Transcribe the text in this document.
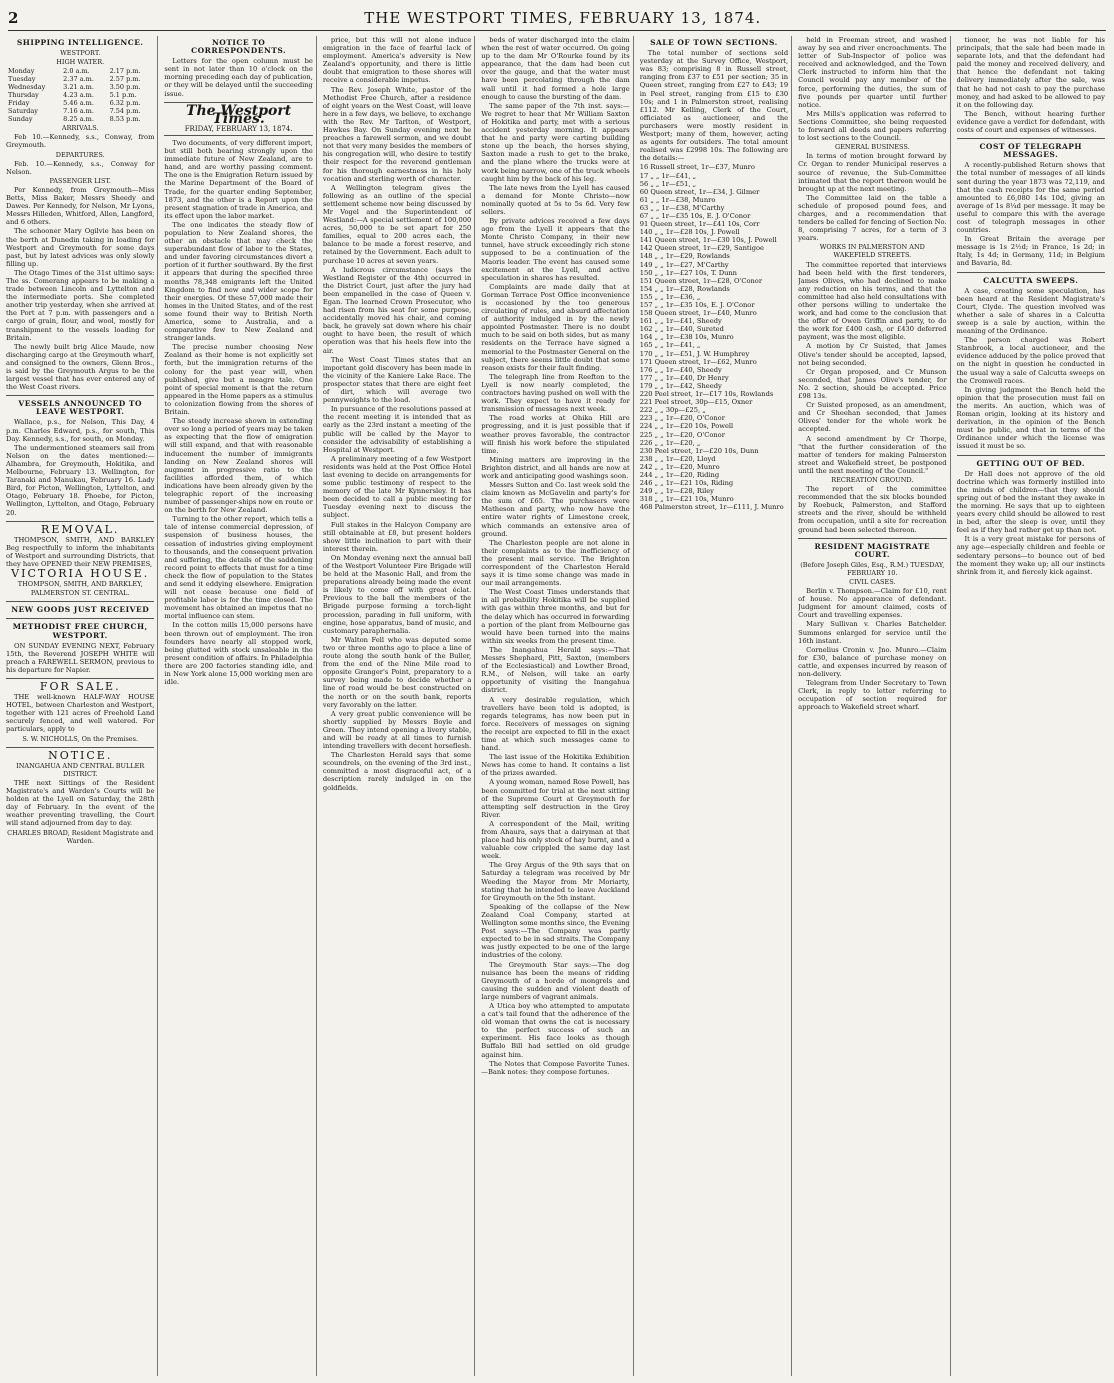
2	THE WESTPORT TIMES, FEBRUARY 13, 1874.
SHIPPING INTELLIGENCE.
WESTPORT.
HIGH WATER.
Monday	2.0 a.m.	2.17 p.m.
Tuesday	2.37 a.m.	2.57 p.m.
Wednesday	3.21 a.m.	3.50 p.m.
Thursday	4.23 a.m.	5.1 p.m.
Friday	5.46 a.m.	6.32 p.m.
Saturday	7.16 a.m.	7.54 p.m.
Sunday	8.25 a.m.	8.53 p.m.
ARRIVALS.

Feb 10.—Kennedy, s.s., Conway, from Greymouth.

DEPARTURES.

Feb. 10.—Kennedy, s.s., Conway for Nelson.

PASSENGER LIST.

Per Kennedy, from Greymouth—Miss Betts, Miss Baker, Messrs Sheedy and Dawes. Per Kennedy, for Nelson, Mr Lyons, Messrs Hilleden, Whitford, Allen, Langford, and 6 others.

The schooner Mary Ogilvie has been on the berth at Dunedin taking in loading for Westport and Greymouth for some days past, but by latest advices was only slowly filling up.

The Otago Times of the 31st ultimo says: The ss. Comerang appears to be making a trade between Lincoln and Lyttelton and the intermediate ports. She completed another trip yesterday, when she arrived at the Port at 7 p.m. with passengers and a cargo of grain, flour, and wool, mostly for transhipment to the vessels loading for Britain.

The newly built brig Alice Maude, now discharging cargo at the Greymouth wharf, and consigned to the owners, Glenn Bros., is said by the Greymouth Argus to be the largest vessel that has ever entered any of the West Coast rivers.

VESSELS ANNOUNCED TO LEAVE WESTPORT.

Wallace, p.s., for Nelson, This Day, 4 p.m. Charles Edward, p.s., for south, This Day. Kennedy, s.s., for south, on Monday.

The undermentioned steamers sail from Nelson on the dates mentioned:— Alhambra, for Greymouth, Hokitika, and Melbourne, February 13. Wellington, for Taranaki and Manukau, February 16. Lady Bird, for Picton, Wellington, Lyttelton, and Otago, February 18. Phoebe, for Picton, Wellington, Lyttelton, and Otago, February 20.

REMOVAL.

THOMPSON, SMITH, AND BARKLEY Beg respectfully to inform the inhabitants of Westport and surrounding Districts, that they have OPENED their NEW PREMISES,

VICTORIA HOUSE.
THOMPSON, SMITH, AND BARKLEY,
PALMERSTON ST. CENTRAL.
NEW GOODS JUST RECEIVED
METHODIST FREE CHURCH, WESTPORT.

ON SUNDAY EVENING NEXT, February 15th, the Reverend JOSEPH WHITE will preach a FAREWELL SERMON, previous to his departure for Napier.

FOR SALE.

THE well-known HALF-WAY HOUSE HOTEL, between Charleston and Westport, together with 121 acres of Freehold Land securely fenced, and well watered. For particulars, apply to

S. W. NICHOLLS, On the Premises.
NOTICE.
INANGAHUA AND CENTRAL BULLER DISTRICT.

THE next Sittings of the Resident Magistrate's and Warden's Courts will be holden at the Lyell on Saturday, the 28th day of February. In the event of the weather preventing travelling, the Court will stand adjourned from day to day.

CHARLES BROAD, Resident Magistrate and Warden.
NOTICE TO CORRESPONDENTS.

Letters for the open column must be sent in not later than 10 o'clock on the morning preceding each day of publication, or they will be delayed until the succeeding issue.

The Westport Times.
FRIDAY, FEBRUARY 13, 1874.

Two documents, of very different import, but still both bearing strongly upon the immediate future of New Zealand, are to hand, and are worthy passing comment. The one is the Emigration Return issued by the Marine Department of the Board of Trade, for the quarter ending September, 1873, and the other is a Report upon the present stagnation of trade in America, and its effect upon the labor market.

The one indicates the steady flow of population to New Zealand shores, the other an obstacle that may check the superabundant flow of labor to the States, and under favoring circumstances divert a portion of it further southward. By the first it appears that during the specified three months 78,348 emigrants left the United Kingdom to find new and wider scope for their energies. Of these 57,000 made their homes in the United States, and of the rest some found their way to British North America, some to Australia, and a comparative few to New Zealand and stranger lands.

The precise number choosing New Zealand as their home is not explicitly set forth, but the immigration returns of the colony for the past year will, when published, give but a meagre tale. One point of special moment is that the return appeared in the Home papers as a stimulus to colonization flowing from the shores of Britain.

The steady increase shown in extending over so long a period of years may be taken as expecting that the flow of emigration will still expand, and that with reasonable inducement the number of immigrants landing on New Zealand shores will augment in progressive ratio to the facilities afforded them, of which indications have been already given by the telegraphic report of the increasing number of passenger-ships now en route or on the berth for New Zealand.

Turning to the other report, which tells a tale of intense commercial depression, of suspension of business houses, the cessation of industries giving employment to thousands, and the consequent privation and suffering, the details of the saddening record point to effects that must for a time check the flow of population to the States and send it eddying elsewhere. Emigration will not cease because one field of profitable labor is for the time closed. The movement has obtained an impetus that no mortal influence can stem.

In the cotton mills 15,000 persons have been thrown out of employment. The iron founders have nearly all stopped work, being glutted with stock unsaleable in the present condition of affairs. In Philadelphia there are 200 factories standing idle, and in New York alone 15,000 working men are idle.

price, but this will not alone induce emigration in the face of fearful lack of employment. America's adversity is New Zealand's opportunity, and there is little doubt that emigration to these shores will receive a considerable impetus.

The Rev. Joseph White, pastor of the Methodist Free Church, after a residence of eight years on the West Coast, will leave here in a few days, we believe, to exchange with the Rev. Mr Tarlton, of Westport, Hawkes Bay. On Sunday evening next he preaches a farewell sermon, and we doubt not that very many besides the members of his congregation will, who desire to testify their respect for the reverend gentleman for his thorough earnestness in his holy vocation and sterling worth of character.

A Wellington telegram gives the following as an outline of the special settlement scheme now being discussed by Mr Vogel and the Superintendent of Westland:—A special settlement of 100,000 acres, 50,000 to be set apart for 250 families, equal to 200 acres each, the balance to be made a forest reserve, and retained by the Government. Each adult to purchase 10 acres at seven years.

A ludicrous circumstance (says the Westland Register of the 4th) occurred in the District Court, just after the jury had been empanelled in the case of Queen v. Egan. The learned Crown Prosecutor, who had risen from his seat for some purpose, accidentally moved his chair, and coming back, he gravely sat down where his chair ought to have been, the result of which operation was that his heels flew into the air.

The West Coast Times states that an important gold discovery has been made in the vicinity of the Kaniere Lake Race. The prospector states that there are eight feet of dirt, which will average two pennyweights to the load.

In pursuance of the resolutions passed at the recent meeting it is intended that as early as the 23rd instant a meeting of the public will be called by the Mayor to consider the advisability of establishing a Hospital at Westport.

A preliminary meeting of a few Westport residents was held at the Post Office Hotel last evening to decide on arrangements for some public testimony of respect to the memory of the late Mr Kynnersley. It has been decided to call a public meeting for Tuesday evening next to discuss the subject.

Full stakes in the Halcyon Company are still obtainable at £8, but present holders show little inclination to part with their interest therein.

On Monday evening next the annual ball of the Westport Volunteer Fire Brigade will be held at the Masonic Hall, and from the preparations already being made the event is likely to come off with great éclat. Previous to the ball the members of the Brigade purpose forming a torch-light procession, parading in full uniform, with engine, hose apparatus, band of music, and customary paraphernalia.

Mr Walton Fell who was deputed some two or three months ago to place a line of route along the south bank of the Buller, from the end of the Nine Mile road to opposite Granger's Point, preparatory to a survey being made to decide whether a line of road would be best constructed on the north or on the south bank, reports very favorably on the latter.

A very great public convenience will be shortly supplied by Messrs Boyle and Green. They intend opening a livery stable, and will be ready at all times to furnish intending travellers with decent horseflesh.

The Charleston Herald says that some scoundrels, on the evening of the 3rd inst., committed a most disgraceful act, of a description rarely indulged in on the goldfields.

beds of water discharged into the claim when the rest of water occurred. On going up to the dam Mr O'Rourke found by its appearance, that the dam had been cut over the gauge, and that the water must have been percolating through the dam wall until it had formed a hole large enough to cause the bursting of the dam.

The same paper of the 7th inst. says:—We regret to hear that Mr William Saxton of Hokitika and party, met with a serious accident yesterday morning. It appears that he and party were carting building stone up the beach, the horses shying, Saxton made a rush to get to the brake, and the plane where the trucks were at work being narrow, one of the truck wheels caught him by the back of his leg.

The late news from the Lyell has caused a demand for Monte Christo—now nominally quoted at 5s to 5s 6d. Very few sellers.

By private advices received a few days ago from the Lyell it appears that the Monte Christo Company, in their new tunnel, have struck exceedingly rich stone supposed to be a continuation of the Maoris leader. The event has caused some excitement at the Lyell, and active speculation in shares has resulted.

Complaints are made daily that at Gorman Terrace Post Office inconvenience is occasioned by the too generous circulating of rules, and absurd affectation of authority indulged in by the newly appointed Postmaster. There is no doubt much to be said on both sides, but as many residents on the Terrace have signed a memorial to the Postmaster General on the subject, there seems little doubt that some reason exists for their fault finding.

The telegraph line from Reefton to the Lyell is now nearly completed, the contractors having pushed on well with the work. They expect to have it ready for transmission of messages next week.

The road works at Ohika Hill are progressing, and it is just possible that if weather proves favorable, the contractor will finish his work before the stipulated time.

Mining matters are improving in the Brighton district, and all hands are now at work and anticipating good washings soon.

Messrs Sutton and Co. last week sold the claim known as McGavelin and party's for the sum of £65. The purchasers were Matheson and party, who now have the entire water rights of Limestone creek, which commands an extensive area of ground.

The Charleston people are not alone in their complaints as to the inefficiency of the present mail service. The Brighton correspondent of the Charleston Herald says it is time some change was made in our mail arrangements.

The West Coast Times understands that in all probability Hokitika will be supplied with gas within three months, and but for the delay which has occurred in forwarding a portion of the plant from Melbourne gas would have been turned into the mains within six weeks from the present time.

The Inangahua Herald says:—That Messrs Shephard, Pitt, Saxton, (members of the Ecclesiastical) and Lowther Broad, R.M., of Nelson, will take an early opportunity of visiting the Inangahua district.

A very desirable regulation, which travellers have been told is adopted, is regards telegrams, has now been put in force. Receivers of messages on signing the receipt are expected to fill in the exact time at which such messages came to hand.

The last issue of the Hokitika Exhibition News has come to hand. It contains a list of the prizes awarded.

A young woman, named Rose Powell, has been committed for trial at the next sitting of the Supreme Court at Greymouth for attempting self destruction in the Grey River.

A correspondent of the Mail, writing from Ahaura, says that a dairyman at that place had his only stock of hay burnt, and a valuable cow crippled the same day last week.

The Grey Argus of the 9th says that on Saturday a telegram was received by Mr Weeding the Mayor from Mr Moriarty, stating that he intended to leave Auckland for Greymouth on the 5th instant.

Speaking of the collapse of the New Zealand Coal Company, started at Wellington some months since, the Evening Post says:—The Company was partly expected to be in sad straits. The Company was justly expected to be one of the large industries of the colony.

The Greymouth Star says:—The dog nuisance has been the means of ridding Greymouth of a horde of mongrels and causing the sudden and violent death of large numbers of vagrant animals.

A Utica boy who attempted to amputate a cat's tail found that the adherence of the old woman that owns the cat is necessary to the perfect success of such an experiment. His face looks as though Buffalo Bill had settled on old grudge against him.

The Notes that Compose Favorite Tunes.—Bank notes: they compose fortunes.

SALE OF TOWN SECTIONS.

The total number of sections sold yesterday at the Survey Office, Westport, was 83; comprising 8 in Russell street, ranging from £37 to £51 per section; 35 in Queen street, ranging from £27 to £43; 19 in Peel street, ranging from £15 to £30 10s; and 1 in Palmerston street, realising £112. Mr Kelling, Clerk of the Court, officiated as auctioneer, and the purchasers were mostly resident in Westport; many of them, however, acting as agents for outsiders. The total amount realised was £2998 10s. The following are the details:—

16 Russell street, 1r—£37, Munro
17 „ „ 1r—£41, „
56 „ „ 1r—£51, „
60 Queen street, 1r—£34, J. Gilmer
61 „ „ 1r—£38, Munro
63 „ „ 1r—£38, M'Carthy
67 „ „ 1r—£35 10s, E. J. O'Conor
91 Queen street, 1r—£41 10s, Corr
140 „ „ 1r—£28 10s, J. Powell
141 Queen street, 1r—£30 10s, J. Powell
142 Queen street, 1r—£29, Santigoe
148 „ „ 1r—£29, Rowlands
149 „ „ 1r—£27, M'Carthy
150 „ „ 1r—£27 10s, T. Dunn
151 Queen street, 1r—£28, O'Conor
154 „ „ 1r—£28, Rowlands
155 „ „ 1r—£36, „
157 „ „ 1r—£35 10s, E. J. O'Conor
158 Queen street, 1r—£40, Munro
161 „ „ 1r—£41, Sheedy
162 „ „ 1r—£40, Sureted
164 „ „ 1r—£38 10s, Munro
165 „ „ 1r—£41, „
170 „ „ 1r—£51, J. W. Humphrey
171 Queen street, 1r—£62, Munro
176 „ „ 1r—£40, Sheedy
177 „ „ 1r—£40, Dr Henry
179 „ „ 1r—£42, Sheedy
220 Peel street, 1r—£17 10s, Rowlands
221 Peel street, 30p—£15, Oxner
222 „ „ 30p—£25, „
223 „ „ 1r—£20, O'Conor
224 „ „ 1r—£20 10s, Powell
225 „ „ 1r—£20, O'Conor
226 „ „ 1r—£20, „
230 Peel street, 1r—£20 10s, Dunn
238 „ „ 1r—£20, Lloyd
242 „ „ 1r—£20, Munro
244 „ „ 1r—£20, Riding
246 „ „ 1r—£21 10s, Riding
249 „ „ 1r—£28, Riley
318 „ „ 1r—£21 10s, Munro
468 Palmerston street, 1r—£111, J. Munro

held in Freeman street, and washed away by sea and river encroachments. The letter of Sub-Inspector of police was received and acknowledged, and the Town Clerk instructed to inform him that the Council would pay any member of the force, performing the duties, the sum of five pounds per quarter until further notice.

Mrs Mills's application was referred to Sections Committee, she being requested to forward all deeds and papers referring to lost sections to the Council.

GENERAL BUSINESS.

In terms of motion brought forward by Cr. Organ to render Municipal reserves a source of revenue, the Sub-Committee intimated that the report thereon would be brought up at the next meeting.

The Committee laid on the table a schedule of proposed pound fees, and charges, and a recommendation that tenders be called for fencing of Section No. 8, comprising 7 acres, for a term of 3 years.

WORKS IN PALMERSTON AND WAKEFIELD STREETS.

The committee reported that interviews had been held with the first tenderers, James Olives, who had declined to make any reduction on his terms, and that the committee had also held consultations with other persons willing to undertake the work, and had come to the conclusion that the offer of Owen Griffin and party, to do the work for £400 cash, or £430 deferred payment, was the most eligible.

A motion by Cr Suisted, that James Olive's tender should be accepted, lapsed, not being seconded.

Cr Organ proposed, and Cr Munson seconded, that James Olive's tender, for No. 2 section, should be accepted. Price £98 13s.

Cr Suisted proposed, as an amendment, and Cr Sheehan seconded, that James Olives' tender for the whole work be accepted.

A second amendment by Cr Thorpe, "that the further consideration of the matter of tenders for making Palmerston street and Wakefield street, be postponed until the next meeting of the Council."

RECREATION GROUND.

The report of the committee recommended that the six blocks bounded by Roebuck, Palmerston, and Stafford streets and the river, should be withheld from occupation, until a site for recreation ground had been selected thereon.

RESIDENT MAGISTRATE COURT.
(Before Joseph Giles, Esq., R.M.) TUESDAY, FEBRUARY 10.
CIVIL CASES.

Berlin v. Thompson.—Claim for £10, rent of house. No appearance of defendant. Judgment for amount claimed, costs of Court and travelling expenses.

Mary Sullivan v. Charles Batchelder. Summons enlarged for service until the 16th instant.

Cornelius Cronin v. Jno. Munro.—Claim for £30, balance of purchase money on cattle, and expenses incurred by reason of non-delivery.

Telegram from Under Secretary to Town Clerk, in reply to letter referring to occupation of section required for approach to Wakefield street wharf.

tioneer, he was not liable for his principals, that the sale had been made in separate lots, and that the defendant had paid the money and received delivery, and that hence the defendant not taking delivery immediately after the sale, was that he had not cash to pay the purchase money, and had asked to be allowed to pay it on the following day.

The Bench, without hearing further evidence gave a verdict for defendant, with costs of court and expenses of witnesses.

COST OF TELEGRAPH MESSAGES.

A recently-published Return shows that the total number of messages of all kinds sent during the year 1873 was 72,119, and that the cash receipts for the same period amounted to £6,080 14s 10d, giving an average of 1s 8¼d per message. It may be useful to compare this with the average cost of telegraph messages in other countries.

In Great Britain the average per message is 1s 2½d; in France, 1s 2d; in Italy, 1s 4d; in Germany, 11d; in Belgium and Bavaria, 8d.

CALCUTTA SWEEPS.

A case, creating some speculation, has been heard at the Resident Magistrate's Court, Clyde. The question involved was whether a sale of shares in a Calcutta sweep is a sale by auction, within the meaning of the Ordinance.

The person charged was Robert Stanbrook, a local auctioneer, and the evidence adduced by the police proved that on the night in question he conducted in the usual way a sale of Calcutta sweeps on the Cromwell races.

In giving judgment the Bench held the opinion that the prosecution must fail on the merits. An auction, which was of Roman origin, looking at its history and derivation, in the opinion of the Bench must be public, and that in terms of the Ordinance under which the license was issued it must be so.

GETTING OUT OF BED.

Dr Hall does not approve of the old doctrine which was formerly instilled into the minds of children—that they should spring out of bed the instant they awake in the morning. He says that up to eighteen years every child should be allowed to rest in bed, after the sleep is over, until they feel as if they had rather get up than not.

It is a very great mistake for persons of any age—especially children and feeble or sedentary persons—to bounce out of bed the moment they wake up; all our instincts shrink from it, and fiercely kick against.
